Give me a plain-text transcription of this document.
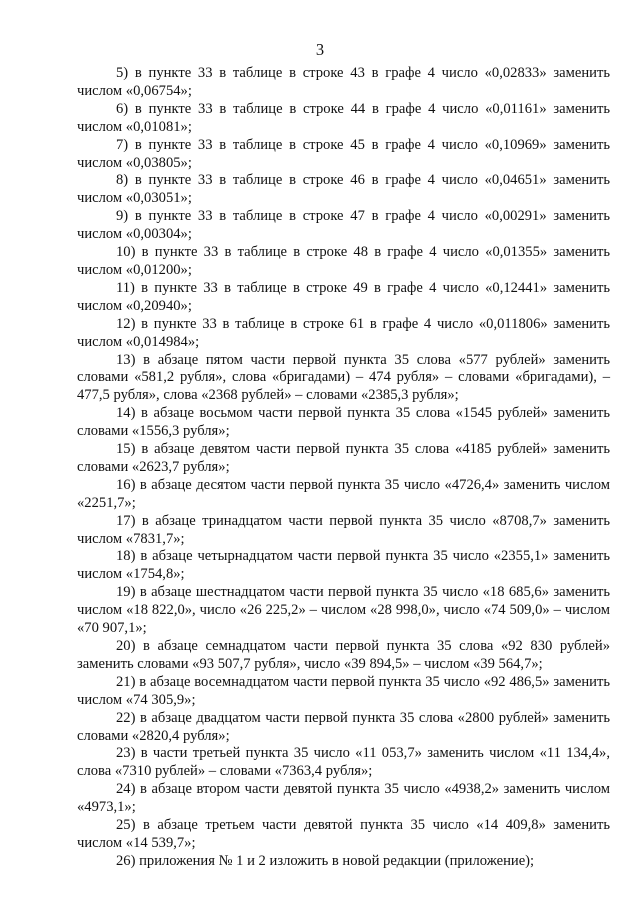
3

5) в пункте 33 в таблице в строке 43 в графе 4 число «0,02833» заменить числом «0,06754»;

6) в пункте 33 в таблице в строке 44 в графе 4 число «0,01161» заменить числом «0,01081»;

7) в пункте 33 в таблице в строке 45 в графе 4 число «0,10969» заменить числом «0,03805»;

8) в пункте 33 в таблице в строке 46 в графе 4 число «0,04651» заменить числом «0,03051»;

9) в пункте 33 в таблице в строке 47 в графе 4 число «0,00291» заменить числом «0,00304»;

10) в пункте 33 в таблице в строке 48 в графе 4 число «0,01355» заменить числом «0,01200»;

11) в пункте 33 в таблице в строке 49 в графе 4 число «0,12441» заменить числом «0,20940»;

12) в пункте 33 в таблице в строке 61 в графе 4 число «0,011806» заменить числом «0,014984»;

13) в абзаце пятом части первой пункта 35 слова «577 рублей» заменить словами «581,2 рубля», слова «бригадами) – 474 рубля» – словами «бригадами), – 477,5 рубля», слова «2368 рублей» – словами «2385,3 рубля»;

14) в абзаце восьмом части первой пункта 35 слова «1545 рублей» заменить словами «1556,3 рубля»;

15) в абзаце девятом части первой пункта 35 слова «4185 рублей» заменить словами «2623,7 рубля»;

16) в абзаце десятом части первой пункта 35 число «4726,4» заменить числом «2251,7»;

17) в абзаце тринадцатом части первой пункта 35 число «8708,7» заменить числом «7831,7»;

18) в абзаце четырнадцатом части первой пункта 35 число «2355,1» заменить числом «1754,8»;

19) в абзаце шестнадцатом части первой пункта 35 число «18 685,6» заменить числом «18 822,0», число «26 225,2» – числом «28 998,0», число «74 509,0» – числом «70 907,1»;

20) в абзаце семнадцатом части первой пункта 35 слова «92 830 рублей» заменить словами «93 507,7 рубля», число «39 894,5» – числом «39 564,7»;

21) в абзаце восемнадцатом части первой пункта 35 число «92 486,5» заменить числом «74 305,9»;

22) в абзаце двадцатом части первой пункта 35 слова «2800 рублей» заменить словами «2820,4 рубля»;

23) в части третьей пункта 35 число «11 053,7» заменить числом «11 134,4», слова «7310 рублей» – словами «7363,4 рубля»;

24) в абзаце втором части девятой пункта 35 число «4938,2» заменить числом «4973,1»;

25) в абзаце третьем части девятой пункта 35 число «14 409,8» заменить числом «14 539,7»;

26) приложения № 1 и 2 изложить в новой редакции (приложение);
